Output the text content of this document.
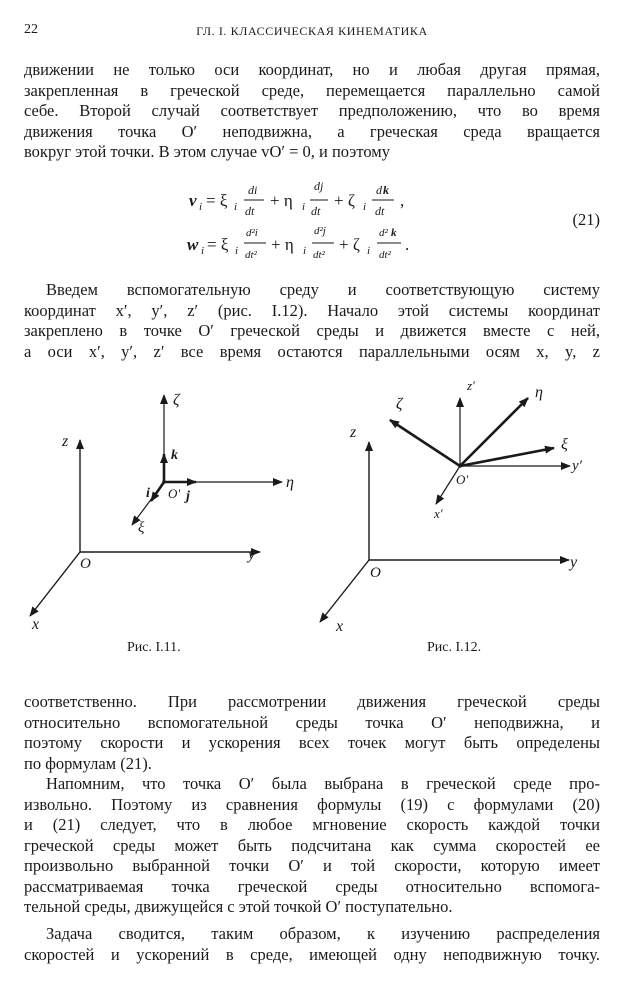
22	ГЛ. I. КЛАССИЧЕСКАЯ КИНЕМАТИКА
движении не только оси координат, но и любая другая прямая,
закрепленная в греческой среде, перемещается параллельно самой
себе. Второй случай соответствует предположению, что во время
движения точка O′ неподвижна, а греческая среда вращается
вокруг этой точки. В этом случае vO′ = 0, и поэтому
v i = ξ i
di
dt
+ η i
dj
dt
+ ζ i
d k
dt
,
w i = ξ i
d²i
dt²
+ η i
d²j
dt²
+ ζ i
d² k
dt²
.
(21)
Введем вспомогательную среду и соответствующую систему
координат x′, y′, z′ (рис. I.12). Начало этой системы координат
закреплено в точке O′ греческой среды и движется вместе с ней,
а оси x′, y′, z′ все время остаются параллельными осям x, y, z
z
y
x
O
ζ
η
ξ
k
i	j
O′
Рис. I.11.
z
y
x
O
z′
y′
x′
ζ
η
ξ
O′
Рис. I.12.
соответственно. При рассмотрении движения греческой среды
относительно вспомогательной среды точка O′ неподвижна, и
поэтому скорости и ускорения всех точек могут быть определены
по формулам (21).
Напомним, что точка O′ была выбрана в греческой среде про-
извольно. Поэтому из сравнения формулы (19) с формулами (20)
и (21) следует, что в любое мгновение скорость каждой точки
греческой среды может быть подсчитана как сумма скоростей ее
произвольно выбранной точки O′ и той скорости, которую имеет
рассматриваемая точка греческой среды относительно вспомога-
тельной среды, движущейся с этой точкой O′ поступательно.
Задача сводится, таким образом, к изучению распределения
скоростей и ускорений в среде, имеющей одну неподвижную точку.
